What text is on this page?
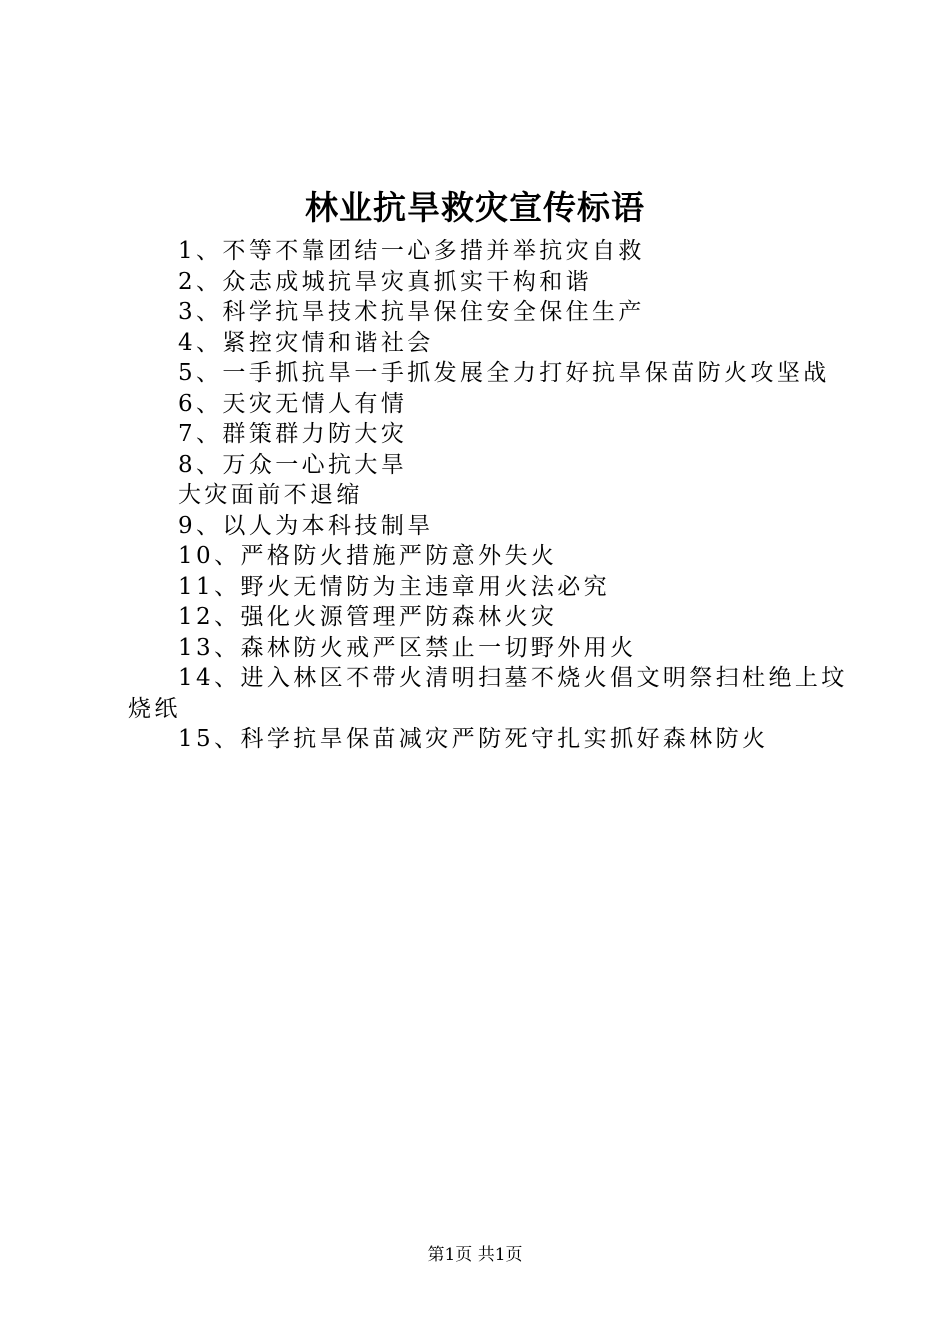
林业抗旱救灾宣传标语
1、不等不靠团结一心多措并举抗灾自救
2、众志成城抗旱灾真抓实干构和谐
3、科学抗旱技术抗旱保住安全保住生产
4、紧控灾情和谐社会
5、一手抓抗旱一手抓发展全力打好抗旱保苗防火攻坚战
6、天灾无情人有情
7、群策群力防大灾
8、万众一心抗大旱
大灾面前不退缩
9、以人为本科技制旱
10、严格防火措施严防意外失火
11、野火无情防为主违章用火法必究
12、强化火源管理严防森林火灾
13、森林防火戒严区禁止一切野外用火
14、进入林区不带火清明扫墓不烧火倡文明祭扫杜绝上坟烧纸
15、科学抗旱保苗减灾严防死守扎实抓好森林防火
第1页 共1页
